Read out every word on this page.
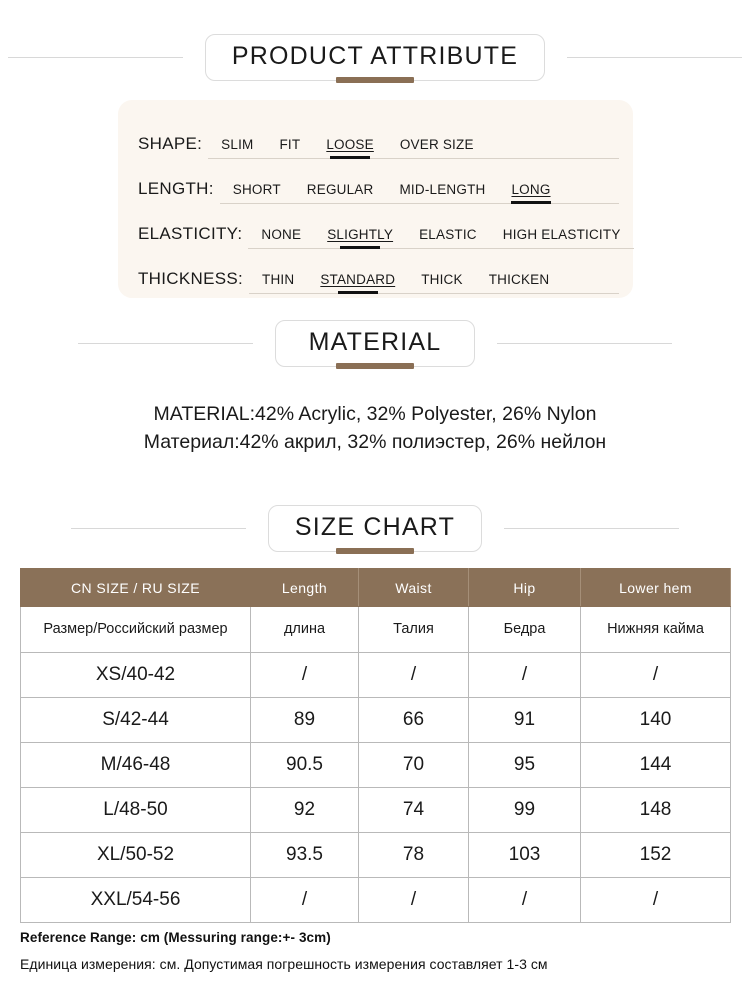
PRODUCT ATTRIBUTE
SHAPE:	SLIM	FIT	LOOSE	OVER SIZE
LENGTH:	SHORT	REGULAR	MID-LENGTH	LONG
ELASTICITY:	NONE	SLIGHTLY	ELASTIC	HIGH ELASTICITY
THICKNESS:	THIN	STANDARD	THICK	THICKEN
MATERIAL
MATERIAL:42% Acrylic, 32% Polyester, 26% Nylon
Материал:42% акрил, 32% полиэстер, 26% нейлон
SIZE CHART
CN SIZE / RU SIZE	Length	Waist	Hip	Lower hem
Размер/Российский размер	длина	Талия	Бедра	Нижняя кайма
XS/40-42	/	/	/	/
S/42-44	89	66	91	140
M/46-48	90.5	70	95	144
L/48-50	92	74	99	148
XL/50-52	93.5	78	103	152
XXL/54-56	/	/	/	/
Reference Range: cm (Messuring range:+- 3cm)
Единица измерения: см. Допустимая погрешность измерения составляет 1-3 см
